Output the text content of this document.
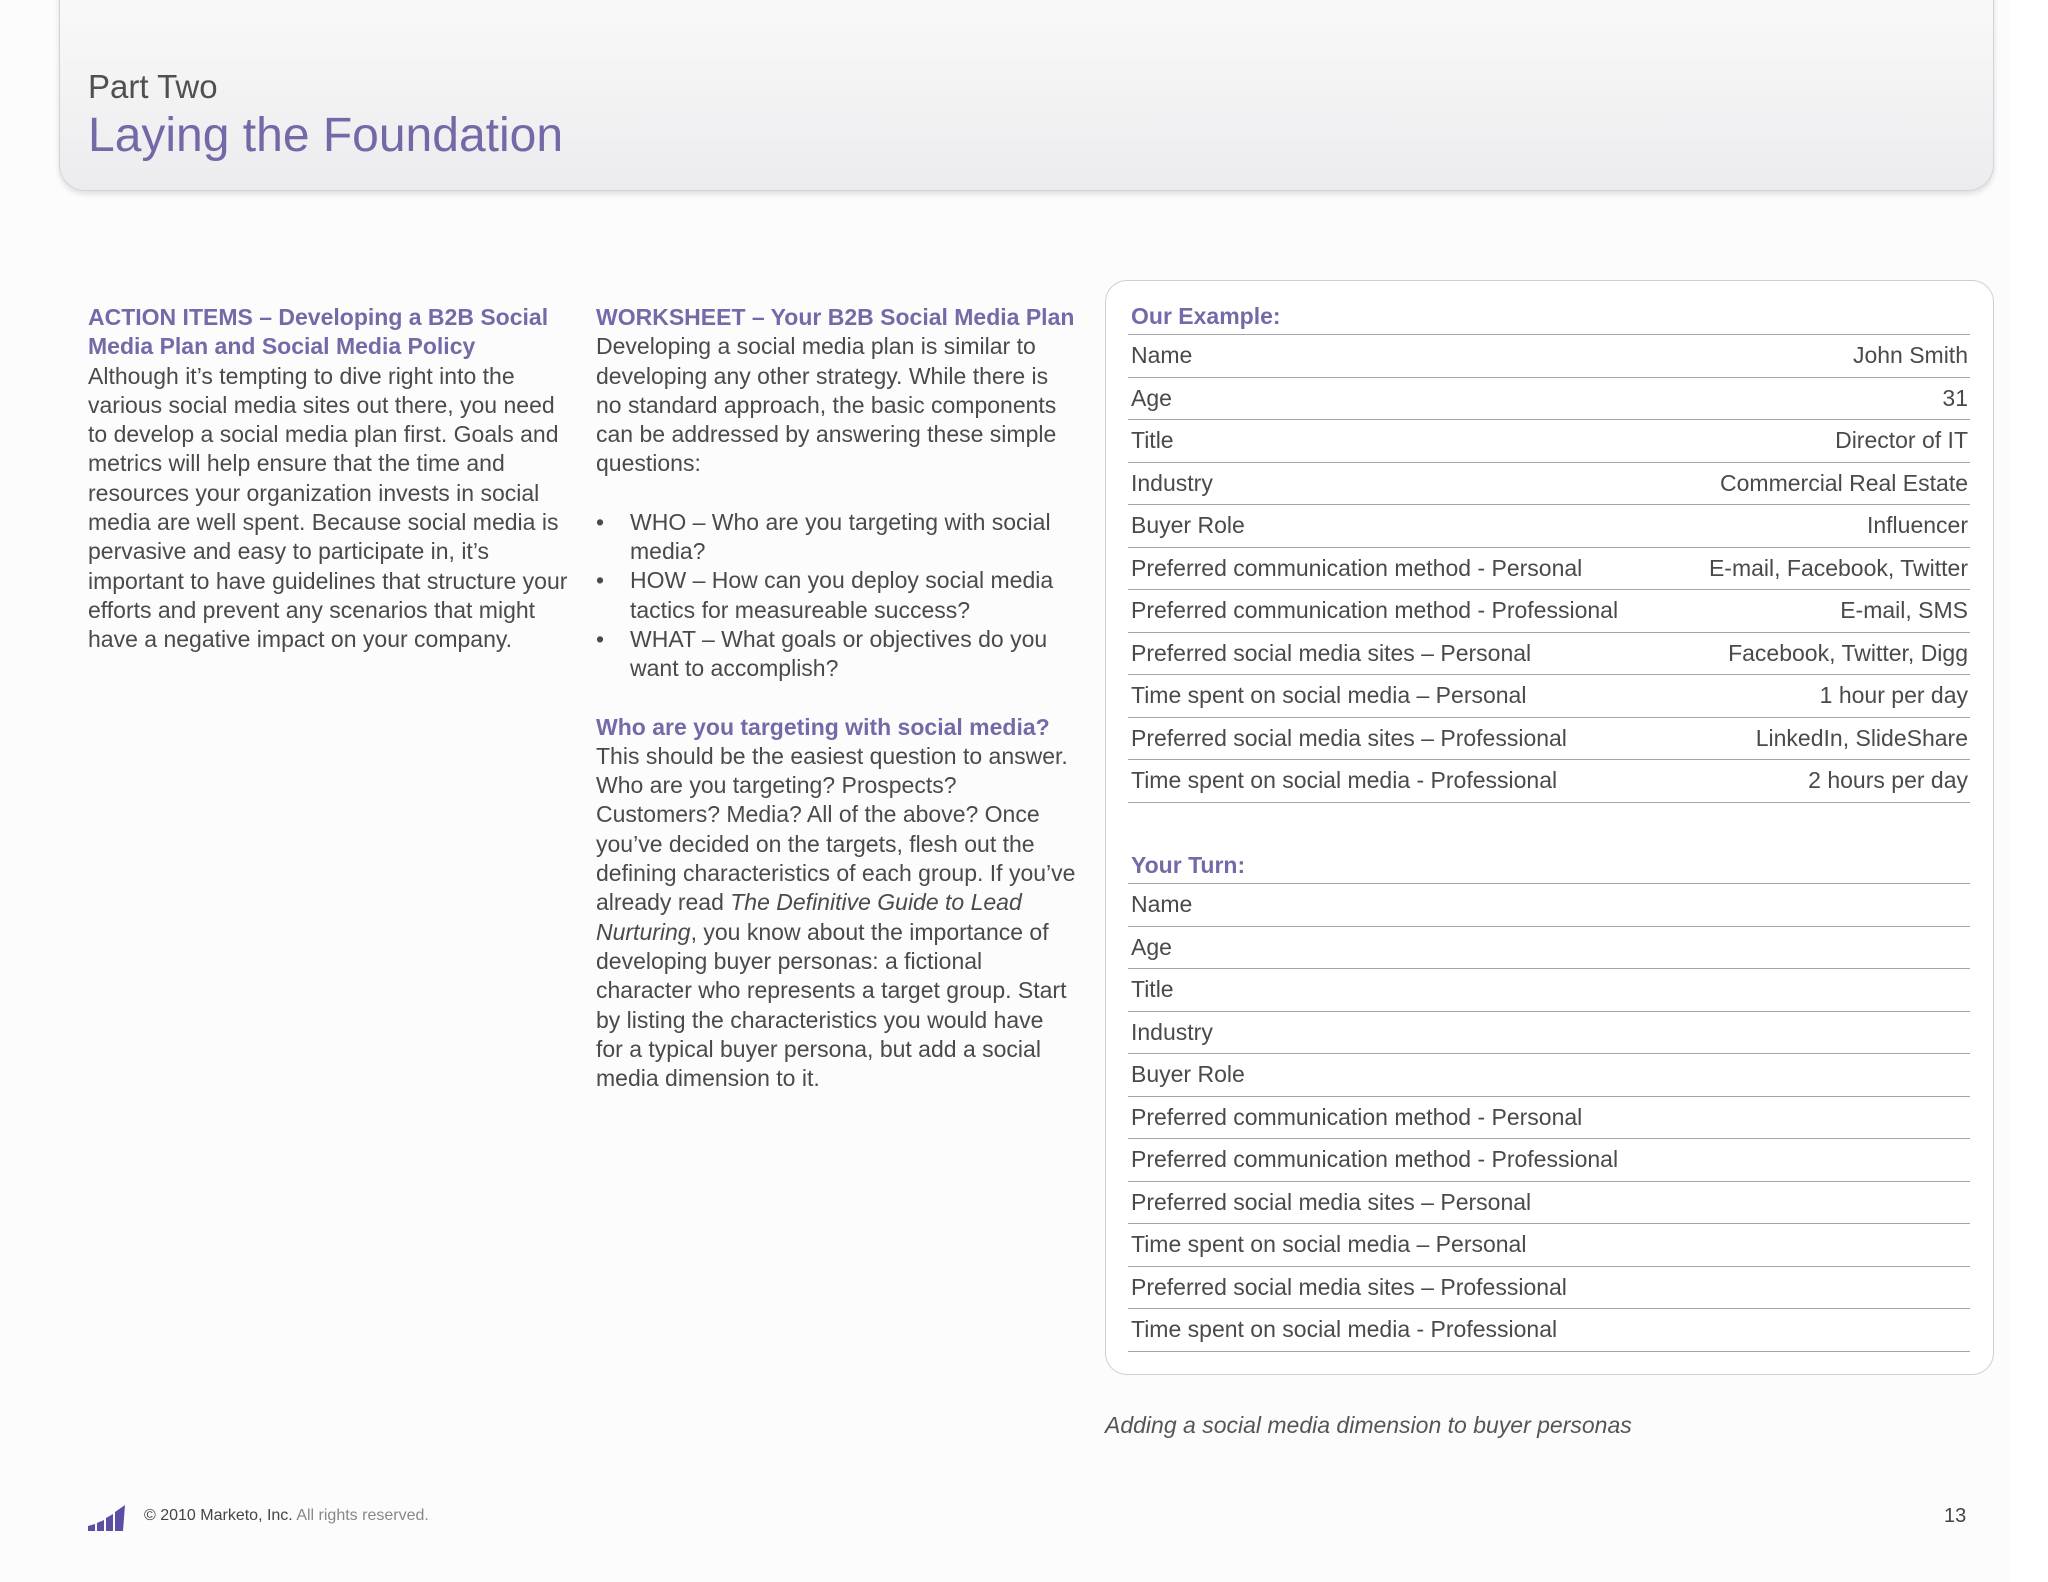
Part Two
Laying the Foundation

ACTION ITEMS – Developing a B2B Social Media Plan and Social Media Policy

Although it’s tempting to dive right into the various social media sites out there, you need to develop a social media plan first. Goals and metrics will help ensure that the time and resources your organization invests in social media are well spent. Because social media is pervasive and easy to participate in, it’s important to have guidelines that structure your efforts and prevent any scenarios that might have a negative impact on your company.

WORKSHEET – Your B2B Social Media Plan

Developing a social media plan is similar to developing any other strategy. While there is no standard approach, the basic components can be addressed by answering these simple questions:

• WHO – Who are you targeting with social media?
• HOW – How can you deploy social media tactics for measureable success?
• WHAT – What goals or objectives do you want to accomplish?

Who are you targeting with social media?

This should be the easiest question to answer. Who are you targeting? Prospects? Customers? Media? All of the above? Once you’ve decided on the targets, flesh out the defining characteristics of each group. If you’ve already read The Definitive Guide to Lead Nurturing, you know about the importance of developing buyer personas: a fictional character who represents a target group. Start by listing the characteristics you would have for a typical buyer persona, but add a social media dimension to it.

Our Example:
Name	John Smith
Age	31
Title	Director of IT
Industry	Commercial Real Estate
Buyer Role	Influencer
Preferred communication method - Personal	E-mail, Facebook, Twitter
Preferred communication method - Professional	E-mail, SMS
Preferred social media sites – Personal	Facebook, Twitter, Digg
Time spent on social media – Personal	1 hour per day
Preferred social media sites – Professional	LinkedIn, SlideShare
Time spent on social media - Professional	2 hours per day
Your Turn:
Name
Age
Title
Industry
Buyer Role
Preferred communication method - Personal
Preferred communication method - Professional
Preferred social media sites – Personal
Time spent on social media – Personal
Preferred social media sites – Professional
Time spent on social media - Professional
Adding a social media dimension to buyer personas
© 2010 Marketo, Inc. All rights reserved.	13
